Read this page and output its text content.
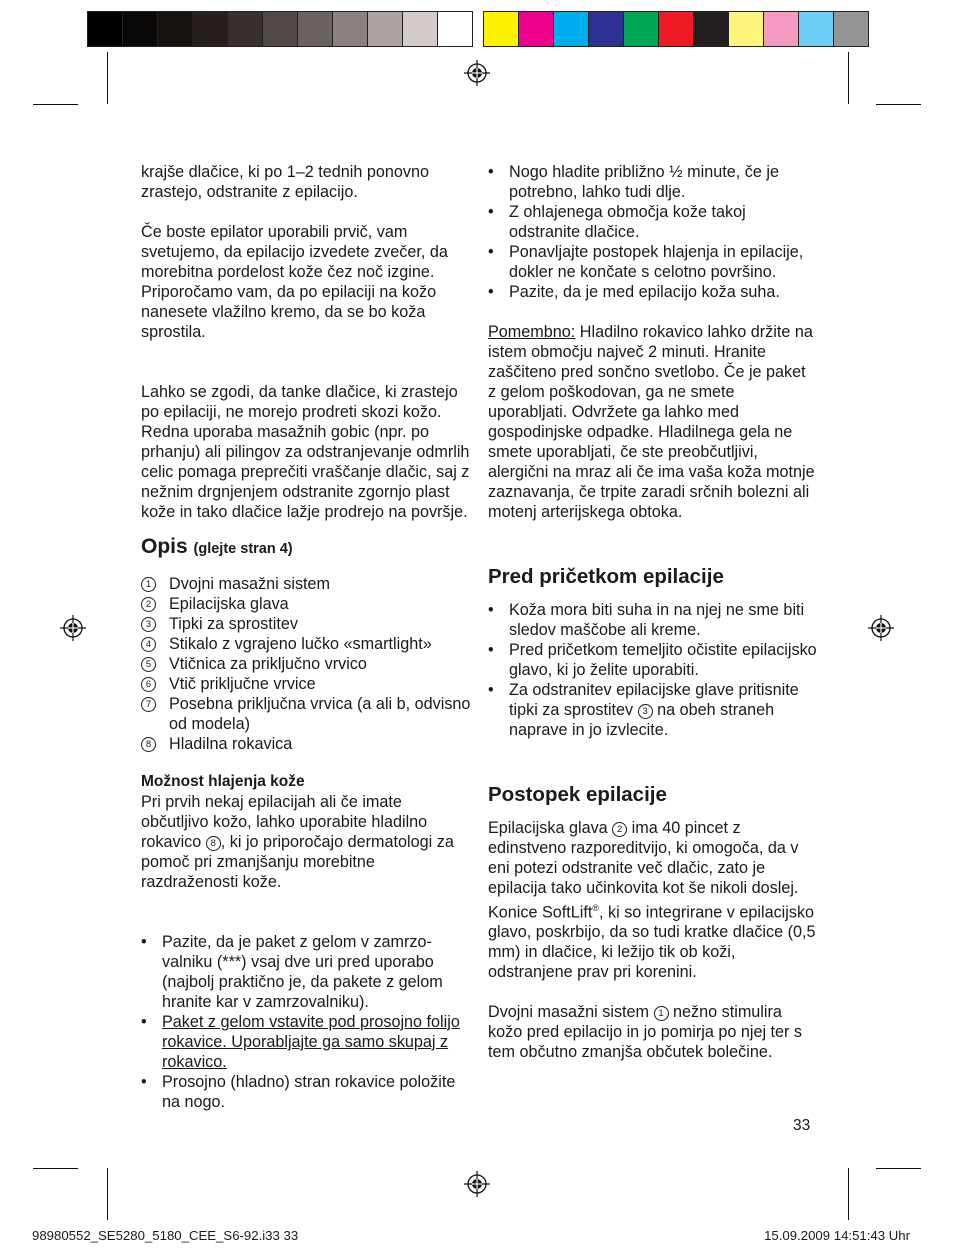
krajše dlačice, ki po 1–2 tednih ponovno zrastejo, odstranite z epilacijo.

Če boste epilator uporabili prvič, vam svetujemo, da epilacijo izvedete zvečer, da morebitna pordelost kože čez noč izgine. Priporočamo vam, da po epilaciji na kožo nanesete vlažilno kremo, da se bo koža sprostila.

Lahko se zgodi, da tanke dlačice, ki zrastejo po epilaciji, ne morejo prodreti skozi kožo. Redna uporaba masažnih gobic (npr. po prhanju) ali pilingov za odstranjevanje odmrlih celic pomaga preprečiti vraščanje dlačic, saj z nežnim drgnjenjem odstranite zgornjo plast kože in tako dlačice lažje prodrejo na površje.

Opis (glejte stran 4)
1 Dvojni masažni sistem
2 Epilacijska glava
3 Tipki za sprostitev
4 Stikalo z vgrajeno lučko «smartlight»
5 Vtičnica za priključno vrvico
6 Vtič priključne vrvice
7 Posebna priključna vrvica (a ali b, odvisno od modela)
8 Hladilna rokavica
Možnost hlajenja kože

Pri prvih nekaj epilacijah ali če imate občutljivo kožo, lahko uporabite hladilno rokavico 8 , ki jo priporočajo dermatologi za pomoč pri zmanjšanju morebitne razdraženosti kože.

• Pazite, da je paket z gelom v zamrzo-valniku (***) vsaj dve uri pred uporabo (najbolj praktično je, da pakete z gelom hranite kar v zamrzovalniku).
• Paket z gelom vstavite pod prosojno folijo rokavice. Uporabljajte ga samo skupaj z rokavico.
• Prosojno (hladno) stran rokavice položite na nogo.
• Nogo hladite približno ½ minute, če je potrebno, lahko tudi dlje.
• Z ohlajenega območja kože takoj odstranite dlačice.
• Ponavljajte postopek hlajenja in epilacije, dokler ne končate s celotno površino.
• Pazite, da je med epilacijo koža suha.

Pomembno: Hladilno rokavico lahko držite na istem območju največ 2 minuti. Hranite zaščiteno pred sončno svetlobo. Če je paket z gelom poškodovan, ga ne smete uporabljati. Odvržete ga lahko med gospodinjske odpadke. Hladilnega gela ne smete uporabljati, če ste preobčutljivi, alergični na mraz ali če ima vaša koža motnje zaznavanja, če trpite zaradi srčnih bolezni ali motenj arterijskega obtoka.

Pred pričetkom epilacije
• Koža mora biti suha in na njej ne sme biti sledov maščobe ali kreme.
• Pred pričetkom temeljito očistite epilacijsko glavo, ki jo želite uporabiti.
• Za odstranitev epilacijske glave pritisnite tipki za sprostitev 3 na obeh straneh naprave in jo izvlecite.
Postopek epilacije

Epilacijska glava 2 ima 40 pincet z edinstveno razporeditvijo, ki omogoča, da v eni potezi odstranite več dlačic, zato je epilacija tako učinkovita kot še nikoli doslej. Konice SoftLift®, ki so integrirane v epilacijsko glavo, poskrbijo, da so tudi kratke dlačice (0,5 mm) in dlačice, ki ležijo tik ob koži, odstranjene prav pri korenini.

Dvojni masažni sistem 1 nežno stimulira kožo pred epilacijo in jo pomirja po njej ter s tem občutno zmanjša občutek bolečine.

33
98980552_SE5280_5180_CEE_S6-92.i33 33	15.09.2009 14:51:43 Uhr
